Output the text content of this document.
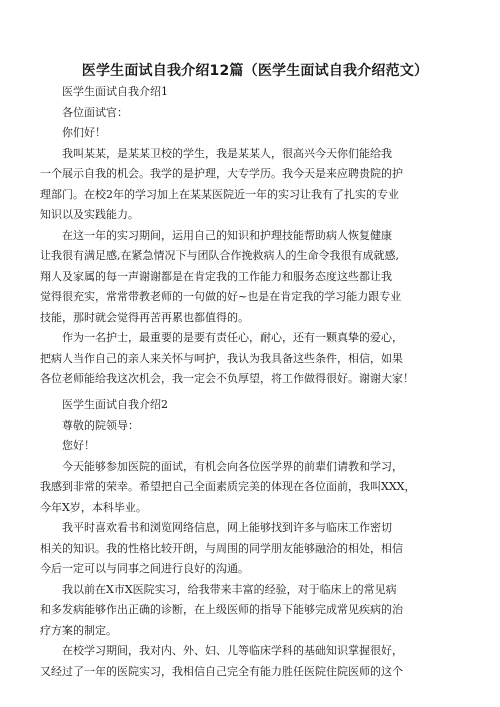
医学生面试自我介绍12篇（医学生面试自我介绍范文）
医学生面试自我介绍1
各位面试官：
你们好！
我叫某某，是某某卫校的学生，我是某某人，很高兴今天你们能给我
一个展示自我的机会。我学的是护理，大专学历。我今天是来应聘贵院的护
理部门。在校2年的学习加上在某某医院近一年的实习让我有了扎实的专业
知识以及实践能力。
在这一年的实习期间，运用自己的知识和护理技能帮助病人恢复健康
让我很有满足感,在紧急情况下与团队合作挽救病人的生命令我很有成就感,
翔人及家属的每一声谢谢都是在肯定我的工作能力和服务态度这些都让我
觉得很充实，常常带教老师的一句做的好~也是在肯定我的学习能力跟专业
技能，那时就会觉得再苦再累也都值得的。
作为一名护士，最重要的是要有责任心，耐心，还有一颗真挚的爱心，
把病人当作自己的亲人来关怀与呵护，我认为我具备这些条件，相信，如果
各位老师能给我这次机会，我一定会不负厚望，将工作做得很好。谢谢大家！
医学生面试自我介绍2
尊敬的院领导：
您好！
今天能够参加医院的面试，有机会向各位医学界的前辈们请教和学习，
我感到非常的荣幸。希望把自己全面素质完美的体现在各位面前，我叫XXX，
今年X岁，本科毕业。
我平时喜欢看书和浏览网络信息，网上能够找到许多与临床工作密切
相关的知识。我的性格比较开朗，与周围的同学朋友能够融洽的相处，相信
今后一定可以与同事之间进行良好的沟通。
我以前在X市X医院实习，给我带来丰富的经验，对于临床上的常见病
和多发病能够作出正确的诊断，在上级医师的指导下能够完成常见疾病的治
疗方案的制定。
在校学习期间，我对内、外、妇、儿等临床学科的基础知识掌握很好，
又经过了一年的医院实习，我相信自己完全有能力胜任医院住院医师的这个
